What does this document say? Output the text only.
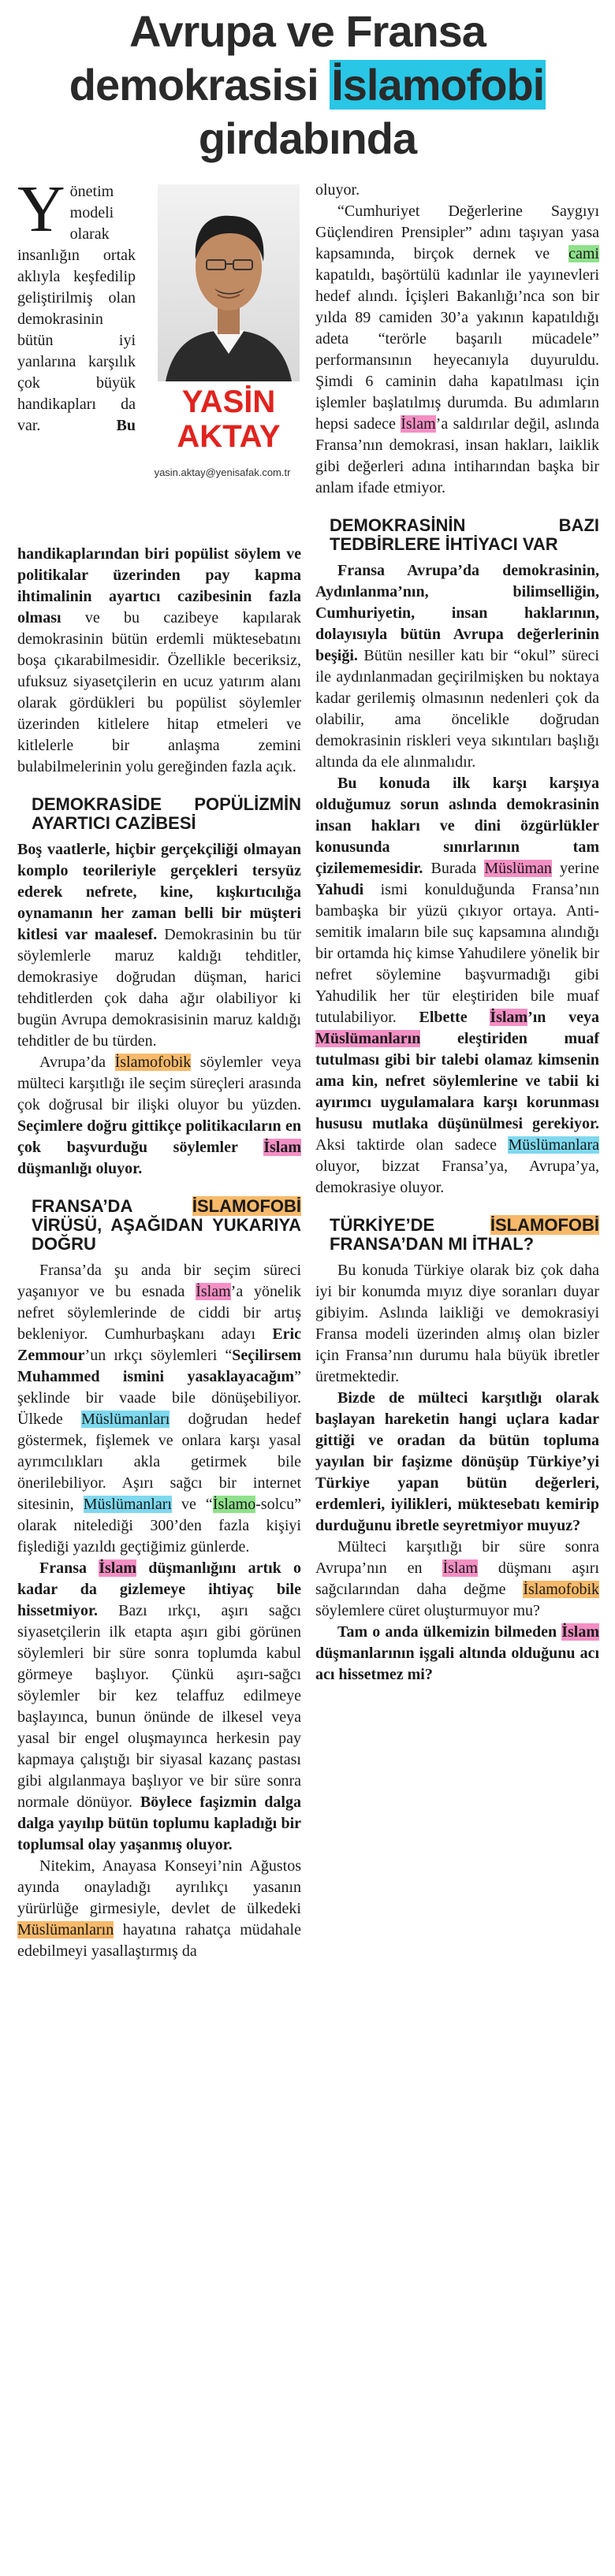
Avrupa ve Fransa
demokrasisi İslamofobi
girdabında
YASİN
AKTAY
yasin.aktay@yenisafak.com.tr

Yönetim modeli olarak insanlığın ortak aklıyla keşfedilip geliştirilmiş olan demokrasinin bütün iyi yanlarına karşılık çok büyük handikapları da var.	Bu handikaplarından biri popülist söylem ve politikalar üzerinden pay kapma ihtimalinin ayartıcı cazibesinin fazla olması ve bu cazibeye kapılarak demokrasinin bütün erdemli müktesebatını boşa çıkarabilmesidir. Özellikle beceriksiz, ufuksuz siyasetçilerin en ucuz yatırım alanı olarak gördükleri bu popülist söylemler üzerinden kitlelere hitap etmeleri ve kitlelerle bir anlaşma zemini bulabilmelerinin yolu gereğinden fazla açık.

DEMOKRASİDE POPÜLİZMİN AYARTICI CAZİBESİ

Boş vaatlerle, hiçbir gerçekçiliği olmayan komplo teorileriyle gerçekleri tersyüz ederek nefrete, kine, kışkırtıcılığa oynamanın her zaman belli bir müşteri kitlesi var maalesef. Demokrasinin bu tür söylemlerle maruz kaldığı tehditler, demokrasiye doğrudan düşman, harici tehditlerden çok daha ağır olabiliyor ki bugün Avrupa demokrasisinin maruz kaldığı tehditler de bu türden.

Avrupa’da İslamofobik söylemler veya mülteci karşıtlığı ile seçim süreçleri arasında çok doğrusal bir ilişki oluyor bu yüzden. Seçimlere doğru gittikçe politikacıların en çok başvurduğu söylemler İslam düşmanlığı oluyor.

FRANSA’DA İSLAMOFOBİ VİRÜSÜ, AŞAĞIDAN YUKARIYA DOĞRU

Fransa’da şu anda bir seçim süreci yaşanıyor ve bu esnada İslam’a yönelik nefret söylemlerinde de ciddi bir artış bekleniyor. Cumhurbaşkanı adayı Eric Zemmour’un ırkçı söylemleri “Seçilirsem Muhammed ismini yasaklayacağım” şeklinde bir vaade bile dönüşebiliyor. Ülkede Müslümanları doğrudan hedef göstermek, fişlemek ve onlara karşı yasal ayrımcılıkları akla getirmek bile önerilebiliyor. Aşırı sağcı bir internet sitesinin, Müslümanları ve “İslamo-solcu” olarak nitelediği 300’den fazla kişiyi fişlediği yazıldı geçtiğimiz günlerde.

Fransa İslam düşmanlığını artık o kadar da gizlemeye ihtiyaç bile hissetmiyor. Bazı ırkçı, aşırı sağcı siyasetçilerin ilk etapta aşırı gibi görünen söylemleri bir süre sonra toplumda kabul görmeye başlıyor. Çünkü aşırı-sağcı söylemler bir kez telaffuz edilmeye başlayınca, bunun önünde de ilkesel veya yasal bir engel oluşmayınca herkesin pay kapmaya çalıştığı bir siyasal kazanç pastası gibi algılanmaya başlıyor ve bir süre sonra normale dönüyor. Böylece faşizmin dalga dalga yayılıp bütün toplumu kapladığı bir toplumsal olay yaşanmış oluyor.

Nitekim, Anayasa Konseyi’nin Ağustos ayında onayladığı ayrılıkçı yasanın yürürlüğe girmesiyle, devlet de ülkedeki Müslümanların hayatına rahatça müdahale edebilmeyi yasallaştırmış da

oluyor.

“Cumhuriyet Değerlerine Saygıyı Güçlendiren Prensipler” adını taşıyan yasa kapsamında, birçok dernek ve cami kapatıldı, başörtülü kadınlar ile yayınevleri hedef alındı. İçişleri Bakanlığı’nca son bir yılda 89 camiden 30’a yakının kapatıldığı adeta “terörle başarılı mücadele” performansının heyecanıyla duyuruldu. Şimdi 6 caminin daha kapatılması için işlemler başlatılmış durumda. Bu adımların hepsi sadece İslam’a saldırılar değil, aslında Fransa’nın demokrasi, insan hakları, laiklik gibi değerleri adına intiharından başka bir anlam ifade etmiyor.

DEMOKRASİNİN BAZI TEDBİRLERE İHTİYACI VAR

Fransa Avrupa’da demokrasinin, Aydınlanma’nın, bilimselliğin, Cumhuriyetin, insan haklarının, dolayısıyla bütün Avrupa değerlerinin beşiği. Bütün nesiller katı bir “okul” süreci ile aydınlanmadan geçirilmişken bu noktaya kadar gerilemiş olmasının nedenleri çok da olabilir, ama öncelikle doğrudan demokrasinin riskleri veya sıkıntıları başlığı altında da ele alınmalıdır.

Bu konuda ilk karşı karşıya olduğumuz sorun aslında demokrasinin insan hakları ve dini özgürlükler konusunda sınırlarının tam çizilememesidir. Burada Müslüman yerine Yahudi ismi konulduğunda Fransa’nın bambaşka bir yüzü çıkıyor ortaya. Anti-semitik imaların bile suç kapsamına alındığı bir ortamda hiç kimse Yahudilere yönelik bir nefret söylemine başvurmadığı gibi Yahudilik her tür eleştiriden bile muaf tutulabiliyor. Elbette İslam’ın veya Müslümanların eleştiriden muaf tutulması gibi bir talebi olamaz kimsenin ama kin, nefret söylemlerine ve tabii ki ayırımcı uygulamalara karşı korunması hususu mutlaka düşünülmesi gerekiyor. Aksi taktirde olan sadece Müslümanlara oluyor, bizzat Fransa’ya, Avrupa’ya, demokrasiye oluyor.

TÜRKİYE’DE İSLAMOFOBİ FRANSA’DAN MI İTHAL?

Bu konuda Türkiye olarak biz çok daha iyi bir konumda mıyız diye soranları duyar gibiyim. Aslında laikliği ve demokrasiyi Fransa modeli üzerinden almış olan bizler için Fransa’nın durumu hala büyük ibretler üretmektedir.

Bizde de mülteci karşıtlığı olarak başlayan hareketin hangi uçlara kadar gittiği ve oradan da bütün topluma yayılan bir faşizme dönüşüp Türkiye’yi Türkiye yapan bütün değerleri, erdemleri, iyilikleri, müktesebatı kemirip durduğunu ibretle seyretmiyor muyuz?

Mülteci karşıtlığı bir süre sonra Avrupa’nın en İslam düşmanı aşırı sağcılarından daha değme İslamofobik söylemlere cüret oluşturmuyor mu?

Tam o anda ülkemizin bilmeden İslam düşmanlarının işgali altında olduğunu acı acı hissetmez mi?
